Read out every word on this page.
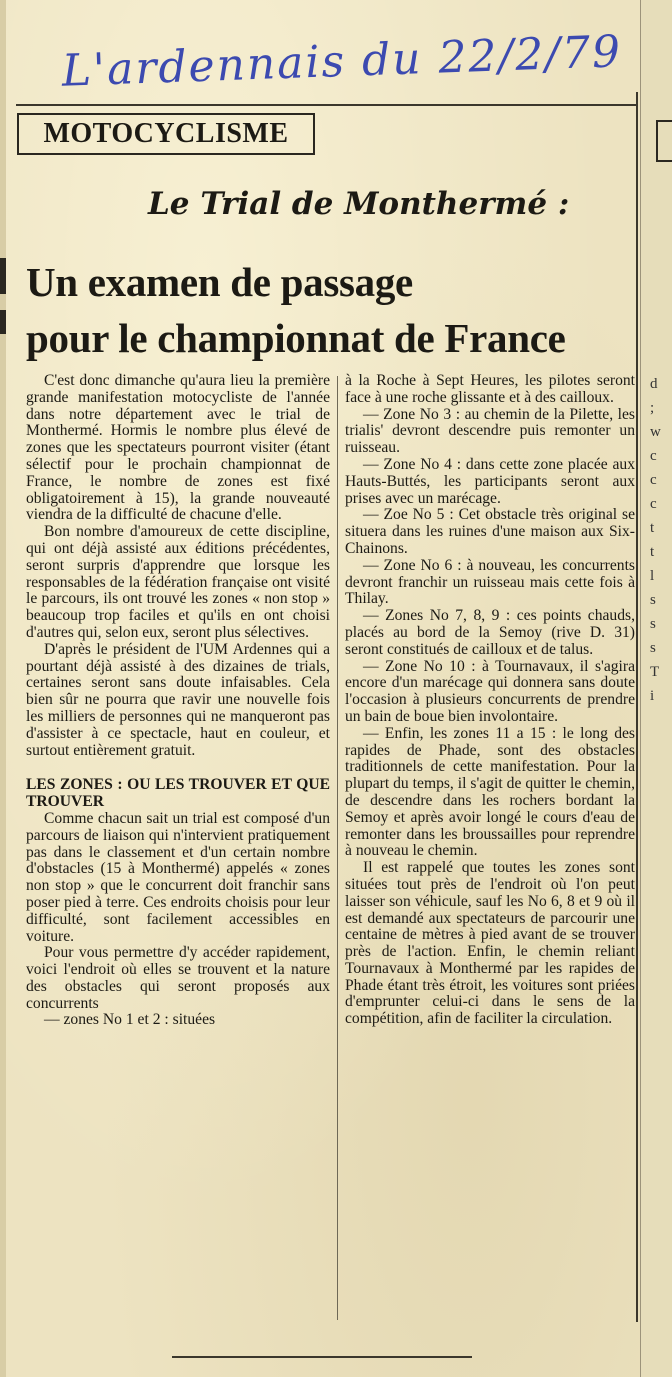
L'ardennais du 22/2/79
MOTOCYCLISME
Le Trial de Monthermé :
Un examen de passage
pour le championnat de France

C'est donc dimanche qu'aura lieu la première grande manifestation motocycliste de l'année dans notre département avec le trial de Monthermé. Hormis le nombre plus élevé de zones que les spectateurs pourront visiter (étant sélectif pour le prochain championnat de France, le nombre de zones est fixé obligatoirement à 15), la grande nouveauté viendra de la difficulté de chacune d'elle.

Bon nombre d'amoureux de cette discipline, qui ont déjà assisté aux éditions précédentes, seront surpris d'apprendre que lorsque les responsables de la fédération française ont visité le parcours, ils ont trouvé les zones « non stop » beaucoup trop faciles et qu'ils en ont choisi d'autres qui, selon eux, seront plus sélectives.

D'après le président de l'UM Ardennes qui a pourtant déjà assisté à des dizaines de trials, certaines seront sans doute infaisables. Cela bien sûr ne pourra que ravir une nouvelle fois les milliers de personnes qui ne manqueront pas d'assister à ce spectacle, haut en couleur, et surtout entièrement gratuit.

LES ZONES : OU LES TROUVER ET QUE TROUVER

Comme chacun sait un trial est composé d'un parcours de liaison qui n'intervient pratiquement pas dans le classement et d'un certain nombre d'obstacles (15 à Monthermé) appelés « zones non stop » que le concurrent doit franchir sans poser pied à terre. Ces endroits choisis pour leur difficulté, sont facilement accessibles en voiture.

Pour vous permettre d'y accéder rapidement, voici l'endroit où elles se trouvent et la nature des obstacles qui seront proposés aux concurrents

— zones No 1 et 2 : situées

à la Roche à Sept Heures, les pilotes seront face à une roche glissante et à des cailloux.

— Zone No 3 : au chemin de la Pilette, les trialis' devront descendre puis remonter un ruisseau.

— Zone No 4 : dans cette zone placée aux Hauts-Buttés, les participants seront aux prises avec un marécage.

— Zoe No 5 : Cet obstacle très original se situera dans les ruines d'une maison aux Six-Chainons.

— Zone No 6 : à nouveau, les concurrents devront franchir un ruisseau mais cette fois à Thilay.

— Zones No 7, 8, 9 : ces points chauds, placés au bord de la Semoy (rive D. 31) seront constitués de cailloux et de talus.

— Zone No 10 : à Tournavaux, il s'agira encore d'un marécage qui donnera sans doute l'occasion à plusieurs concurrents de prendre un bain de boue bien involontaire.

— Enfin, les zones 11 a 15 : le long des rapides de Phade, sont des obstacles traditionnels de cette manifestation. Pour la plupart du temps, il s'agit de quitter le chemin, de descendre dans les rochers bordant la Semoy et après avoir longé le cours d'eau de remonter dans les broussailles pour reprendre à nouveau le chemin.

Il est rappelé que toutes les zones sont situées tout près de l'endroit où l'on peut laisser son véhicule, sauf les No 6, 8 et 9 où il est demandé aux spectateurs de parcourir une centaine de mètres à pied avant de se trouver près de l'action. Enfin, le chemin reliant Tournavaux à Monthermé par les rapides de Phade étant très étroit, les voitures sont priées d'emprunter celui-ci dans le sens de la compétition, afin de faciliter la circulation.

d
;
w
c
c
c
t
t
l
s
s
s
T
i
